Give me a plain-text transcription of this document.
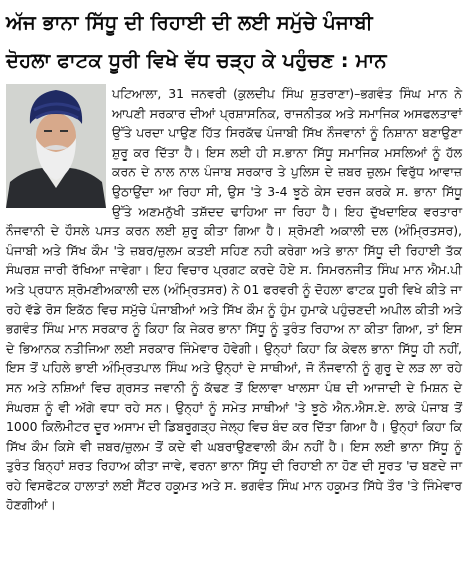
ਅੱਜ ਭਾਨਾ ਸਿੱਧੂ ਦੀ ਰਿਹਾਈ ਦੀ ਲਈ ਸਮੁੱਚੇ ਪੰਜਾਬੀ
ਦੋਹਲਾ ਫਾਟਕ ਧੂਰੀ ਵਿਖੇ ਵੱਧ ਚੜ੍ਹ ਕੇ ਪਹੁੰਚਣ : ਮਾਨ

ਪਟਿਆਲਾ, 31 ਜਨਵਰੀ (ਕੁਲਦੀਪ ਸਿੰਘ ਸ਼ੁਤਰਾਣਾ)–ਭਗਵੰਤ ਸਿੰਘ ਮਾਨ ਨੇ ਆਪਣੀ ਸਰਕਾਰ ਦੀਆਂ ਪ੍ਰਸ਼ਾਸਨਿਕ, ਰਾਜਨੀਤਕ ਅਤੇ ਸਮਾਜਿਕ ਅਸਫਲਤਾਵਾਂ ਉੱਤੇ ਪਰਦਾ ਪਾਉਣ ਹਿੱਤ ਸਿਰਕੱਢ ਪੰਜਾਬੀ ਸਿੱਖ ਨੌਜਵਾਨਾਂ ਨੂੰ ਨਿਸ਼ਾਨਾ ਬਣਾਉਣਾ ਸ਼ੁਰੂ ਕਰ ਦਿੱਤਾ ਹੈ। ਇਸ ਲਈ ਹੀ ਸ.ਭਾਨਾ ਸਿੱਧੂ ਸਮਾਜਿਕ ਮਸਲਿਆਂ ਨੂੰ ਹੱਲ ਕਰਨ ਦੇ ਨਾਲ ਨਾਲ ਪੰਜਾਬ ਸਰਕਾਰ ਤੇ ਪੁਲਿਸ ਦੇ ਜ਼ਬਰ ਜ਼ੁਲਮ ਵਿਰੁੱਧ ਆਵਾਜ਼ ਉਠਾਉਂਦਾ ਆ ਰਿਹਾ ਸੀ, ਉਸ 'ਤੇ 3-4 ਝੂਠੇ ਕੇਸ ਦਰਜ ਕਰਕੇ ਸ. ਭਾਨਾ ਸਿੱਧੂ ਉੱਤੇ ਅਣਮਨੁੱਖੀ ਤਸ਼ੱਦਦ ਢਾਹਿਆ ਜਾ ਰਿਹਾ ਹੈ। ਇਹ ਦੁੱਖਦਾਇਕ ਵਰਤਾਰਾ ਨੌਜਵਾਨੀ ਦੇ ਹੌਸਲੇ ਪਸਤ ਕਰਨ ਲਈ ਸ਼ੁਰੂ ਕੀਤਾ ਗਿਆ ਹੈ। ਸ਼੍ਰੋਮਣੀ ਅਕਾਲੀ ਦਲ (ਅੰਮ੍ਰਿਤਸਰ), ਪੰਜਾਬੀ ਅਤੇ ਸਿੱਖ ਕੌਮ 'ਤੇ ਜ਼ਬਰ/ਜ਼ੁਲਮ ਕਤਈ ਸਹਿਣ ਨਹੀ ਕਰੇਗਾ ਅਤੇ ਭਾਨਾ ਸਿੱਧੂ ਦੀ ਰਿਹਾਈ ਤੱਕ ਸੰਘਰਸ਼ ਜਾਰੀ ਰੱਖਿਆ ਜਾਵੇਗਾ। ਇਹ ਵਿਚਾਰ ਪ੍ਰਗਟ ਕਰਦੇ ਹੋਏ ਸ. ਸਿਮਰਨਜੀਤ ਸਿੰਘ ਮਾਨ ਐਮ.ਪੀ ਅਤੇ ਪ੍ਰਧਾਨ ਸ਼੍ਰੋਮਣੀਅਕਾਲੀ ਦਲ (ਅੰਮ੍ਰਿਤਸਰ) ਨੇ 01 ਫਰਵਰੀ ਨੂੰ ਦੋਹਲਾ ਫਾਟਕ ਧੂਰੀ ਵਿਖੇ ਕੀਤੇ ਜਾ ਰਹੇ ਵੱਡੇ ਰੋਸ ਇਕੱਠ ਵਿਚ ਸਮੁੱਚੇ ਪੰਜਾਬੀਆਂ ਅਤੇ ਸਿੱਖ ਕੌਮ ਨੂੰ ਹੁੰਮ ਹੁਮਾਕੇ ਪਹੁੰਚਣਦੀ ਅਪੀਲ ਕੀਤੀ ਅਤੇ ਭਗਵੰਤ ਸਿੰਘ ਮਾਨ ਸਰਕਾਰ ਨੂੰ ਕਿਹਾ ਕਿ ਜੇਕਰ ਭਾਨਾ ਸਿੱਧੂ ਨੂੰ ਤੁਰੰਤ ਰਿਹਾਅ ਨਾ ਕੀਤਾ ਗਿਆ, ਤਾਂ ਇਸ ਦੇ ਭਿਆਨਕ ਨਤੀਜਿਆ ਲਈ ਸਰਕਾਰ ਜਿੰਮੇਵਾਰ ਹੋਵੇਗੀ। ਉਨ੍ਹਾਂ ਕਿਹਾ ਕਿ ਕੇਵਲ ਭਾਨਾ ਸਿੱਧੂ ਹੀ ਨਹੀਂ, ਇਸ ਤੋਂ ਪਹਿਲੇ ਭਾਈ ਅੰਮ੍ਰਿਤਪਾਲ ਸਿੰਘ ਅਤੇ ਉਨ੍ਹਾਂ ਦੇ ਸਾਥੀਆਂ, ਜੋ ਨੌਜਵਾਨੀ ਨੂੰ ਗੁਰੂ ਦੇ ਲੜ ਲਾ ਰਹੇ ਸਨ ਅਤੇ ਨਸ਼ਿਆਂ ਵਿਚ ਗ੍ਰਸਤ ਜਵਾਨੀ ਨੂੰ ਕੱਢਣ ਤੋਂ ਇਲਾਵਾ ਖਾਲਸਾ ਪੰਥ ਦੀ ਆਜਾਦੀ ਦੇ ਮਿਸ਼ਨ ਦੇ ਸੰਘਰਸ਼ ਨੂੰ ਵੀ ਅੱਗੇ ਵਧਾ ਰਹੇ ਸਨ। ਉਨ੍ਹਾਂ ਨੂੰ ਸਮੇਤ ਸਾਥੀਆਂ 'ਤੇ ਝੂਠੇ ਐਨ.ਐਸ.ਏ. ਲਾਕੇ ਪੰਜਾਬ ਤੋਂ 1000 ਕਿਲੋਮੀਟਰ ਦੂਰ ਅਸਾਮ ਦੀ ਡਿਬਰੂਗੜ੍ਹ ਜੇਲ੍ਹ ਵਿਚ ਬੰਦ ਕਰ ਦਿੱਤਾ ਗਿਆ ਹੈ। ਉਨ੍ਹਾਂ ਕਿਹਾ ਕਿ ਸਿੱਖ ਕੌਮ ਕਿਸੇ ਵੀ ਜ਼ਬਰ/ਜ਼ੁਲਮ ਤੋਂ ਕਦੇ ਵੀ ਘਬਰਾਉਣਵਾਲੀ ਕੌਮ ਨਹੀਂ ਹੈ। ਇਸ ਲਈ ਭਾਨਾ ਸਿੱਧੂ ਨੂੰ ਤੁਰੰਤ ਬਿਨ੍ਹਾਂ ਸ਼ਰਤ ਰਿਹਾਅ ਕੀਤਾ ਜਾਵੇ, ਵਰਨਾ ਭਾਨਾ ਸਿੱਧੂ ਦੀ ਰਿਹਾਈ ਨਾ ਹੋਣ ਦੀ ਸੂਰਤ 'ਚ ਬਣਦੇ ਜਾ ਰਹੇ ਵਿਸਫੋਟਕ ਹਾਲਾਤਾਂ ਲਈ ਸੈਂਟਰ ਹਕੂਮਤ ਅਤੇ ਸ. ਭਗਵੰਤ ਸਿੰਘ ਮਾਨ ਹਕੂਮਤ ਸਿੱਧੇ ਤੌਰ 'ਤੇ ਜਿੰਮੇਵਾਰ ਹੋਣਗੀਆਂ।
